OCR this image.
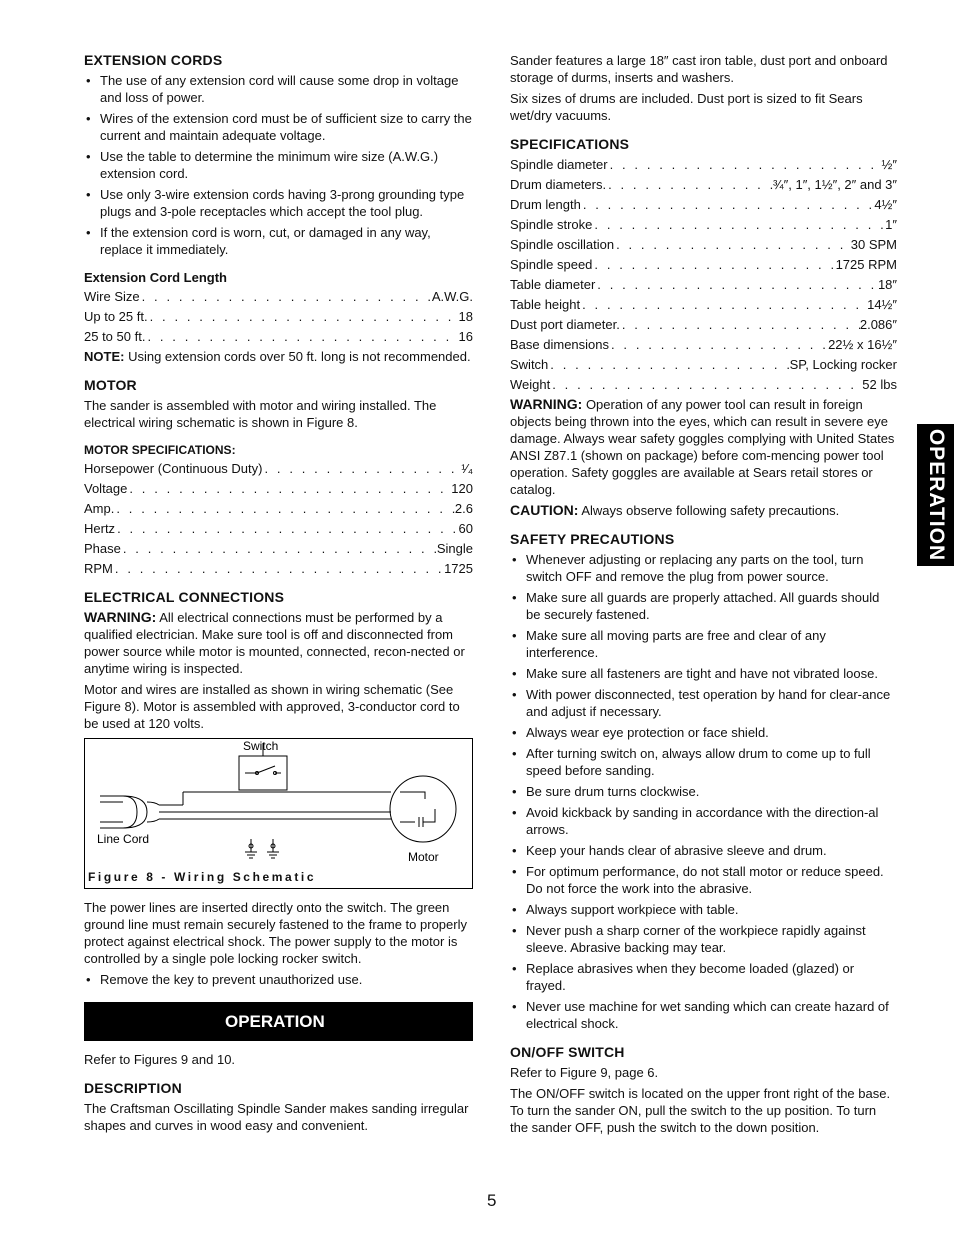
OPERATION
EXTENSION CORDS
• The use of any extension cord will cause some drop in voltage and loss of power.
• Wires of the extension cord must be of sufficient size to carry the current and maintain adequate voltage.
• Use the table to determine the minimum wire size (A.W.G.) extension cord.
• Use only 3-wire extension cords having 3-prong grounding type plugs and 3-pole receptacles which accept the tool plug.
• If the extension cord is worn, cut, or damaged in any way, replace it immediately.
Extension Cord Length
Wire Size . . .	A.W.G.
Up to 25 ft. . . .	18
25 to 50 ft. . . .	16

NOTE: Using extension cords over 50 ft. long is not recommended.

MOTOR

The sander is assembled with motor and wiring installed. The electrical wiring schematic is shown in Figure 8.

MOTOR SPECIFICATIONS:
Horsepower (Continuous Duty) . . .	¹⁄₄
Voltage . . .	120
Amp. . . .	2.6
Hertz . . .	60
Phase . . .	Single
RPM . . .	1725
ELECTRICAL CONNECTIONS

WARNING: All electrical connections must be performed by a qualified electrician. Make sure tool is off and disconnected from power source while motor is mounted, connected, recon-nected or anytime wiring is inspected.

Motor and wires are installed as shown in wiring schematic (See Figure 8). Motor is assembled with approved, 3-conductor cord to be used at 120 volts.

Switch
Line Cord
Motor
Figure 8 - Wiring Schematic

The power lines are inserted directly onto the switch. The green ground line must remain securely fastened to the frame to properly protect against electrical shock. The power supply to the motor is controlled by a single pole locking rocker switch.

• Remove the key to prevent unauthorized use.
OPERATION

Refer to Figures 9 and 10.

DESCRIPTION

The Craftsman Oscillating Spindle Sander makes sanding irregular shapes and curves in wood easy and convenient.

Sander features a large 18″ cast iron table, dust port and onboard storage of durms, inserts and washers.

Six sizes of drums are included. Dust port is sized to fit Sears wet/dry vacuums.

SPECIFICATIONS
Spindle diameter . . .	½″
Drum diameters. . . .	¾″, 1″, 1½″, 2″ and 3″
Drum length . . .	4½″
Spindle stroke . . .	1″
Spindle oscillation . . .	30 SPM
Spindle speed . . .	1725 RPM
Table diameter . . .	18″
Table height . . .	14½″
Dust port diameter. . . .	2.086″
Base dimensions . . .	22½ x 16½″
Switch . . .	SP, Locking rocker
Weight . . .	52 lbs

WARNING: Operation of any power tool can result in foreign objects being thrown into the eyes, which can result in severe eye damage. Always wear safety goggles complying with United States ANSI Z87.1 (shown on package) before com-mencing power tool operation. Safety goggles are available at Sears retail stores or catalog.

CAUTION: Always observe following safety precautions.

SAFETY PRECAUTIONS
• Whenever adjusting or replacing any parts on the tool, turn switch OFF and remove the plug from power source.
• Make sure all guards are properly attached. All guards should be securely fastened.
• Make sure all moving parts are free and clear of any interference.
• Make sure all fasteners are tight and have not vibrated loose.
• With power disconnected, test operation by hand for clear-ance and adjust if necessary.
• Always wear eye protection or face shield.
• After turning switch on, always allow drum to come up to full speed before sanding.
• Be sure drum turns clockwise.
• Avoid kickback by sanding in accordance with the direction-al arrows.
• Keep your hands clear of abrasive sleeve and drum.
• For optimum performance, do not stall motor or reduce speed. Do not force the work into the abrasive.
• Always support workpiece with table.
• Never push a sharp corner of the workpiece rapidly against sleeve. Abrasive backing may tear.
• Replace abrasives when they become loaded (glazed) or frayed.
• Never use machine for wet sanding which can create hazard of electrical shock.
ON/OFF SWITCH

Refer to Figure 9, page 6.

The ON/OFF switch is located on the upper front right of the base. To turn the sander ON, pull the switch to the up position. To turn the sander OFF, push the switch to the down position.

5
